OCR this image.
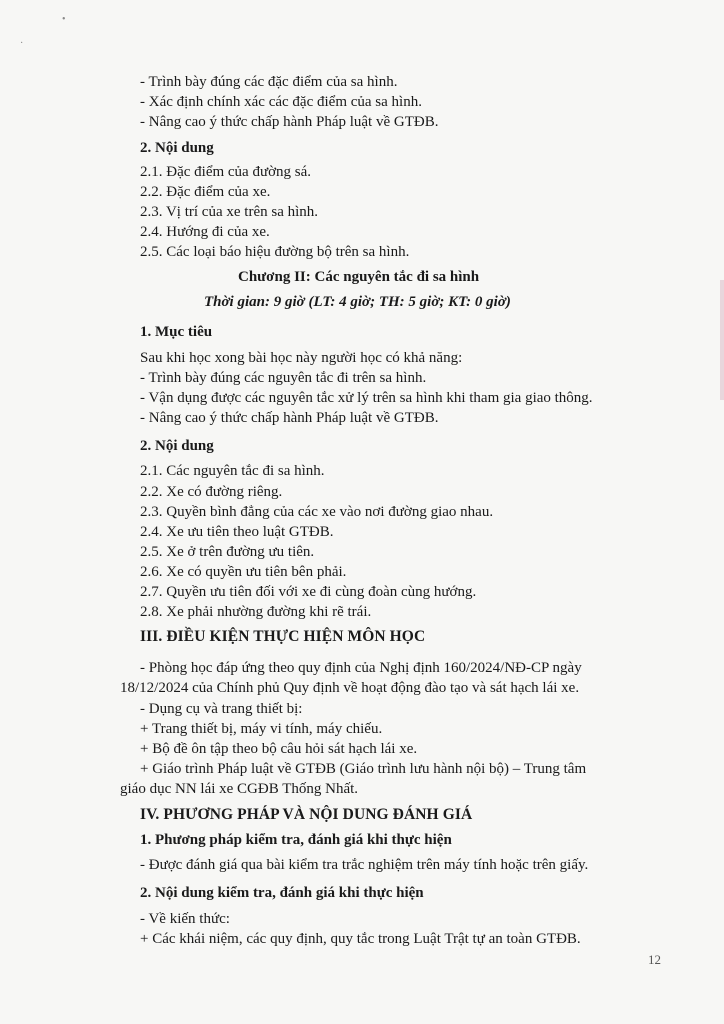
•
·
- Trình bày đúng các đặc điểm của sa hình.
- Xác định chính xác các đặc điểm của sa hình.
- Nâng cao ý thức chấp hành Pháp luật về GTĐB.
2. Nội dung
2.1. Đặc điểm của đường sá.
2.2. Đặc điểm của xe.
2.3. Vị trí của xe trên sa hình.
2.4. Hướng đi của xe.
2.5. Các loại báo hiệu đường bộ trên sa hình.
Chương II: Các nguyên tắc đi sa hình
Thời gian: 9 giờ (LT: 4 giờ; TH: 5 giờ; KT: 0 giờ)
1. Mục tiêu
Sau khi học xong bài học này người học có khả năng:
- Trình bày đúng các nguyên tắc đi trên sa hình.
- Vận dụng được các nguyên tắc xử lý trên sa hình khi tham gia giao thông.
- Nâng cao ý thức chấp hành Pháp luật về GTĐB.
2. Nội dung
2.1. Các nguyên tắc đi sa hình.
2.2. Xe có đường riêng.
2.3. Quyền bình đẳng của các xe vào nơi đường giao nhau.
2.4. Xe ưu tiên theo luật GTĐB.
2.5. Xe ở trên đường ưu tiên.
2.6. Xe có quyền ưu tiên bên phải.
2.7. Quyền ưu tiên đối với xe đi cùng đoàn cùng hướng.
2.8. Xe phải nhường đường khi rẽ trái.
III. ĐIỀU KIỆN THỰC HIỆN MÔN HỌC
- Phòng học đáp ứng theo quy định của Nghị định 160/2024/NĐ-CP ngày
18/12/2024 của Chính phủ Quy định về hoạt động đào tạo và sát hạch lái xe.
- Dụng cụ và trang thiết bị:
+ Trang thiết bị, máy vi tính, máy chiếu.
+ Bộ đề ôn tập theo bộ câu hỏi sát hạch lái xe.
+ Giáo trình Pháp luật về GTĐB (Giáo trình lưu hành nội bộ) – Trung tâm
giáo dục NN lái xe CGĐB Thống Nhất.
IV. PHƯƠNG PHÁP VÀ NỘI DUNG ĐÁNH GIÁ
1. Phương pháp kiểm tra, đánh giá khi thực hiện
- Được đánh giá qua bài kiểm tra trắc nghiệm trên máy tính hoặc trên giấy.
2. Nội dung kiểm tra, đánh giá khi thực hiện
- Về kiến thức:
+ Các khái niệm, các quy định, quy tắc trong Luật Trật tự an toàn GTĐB.
12
